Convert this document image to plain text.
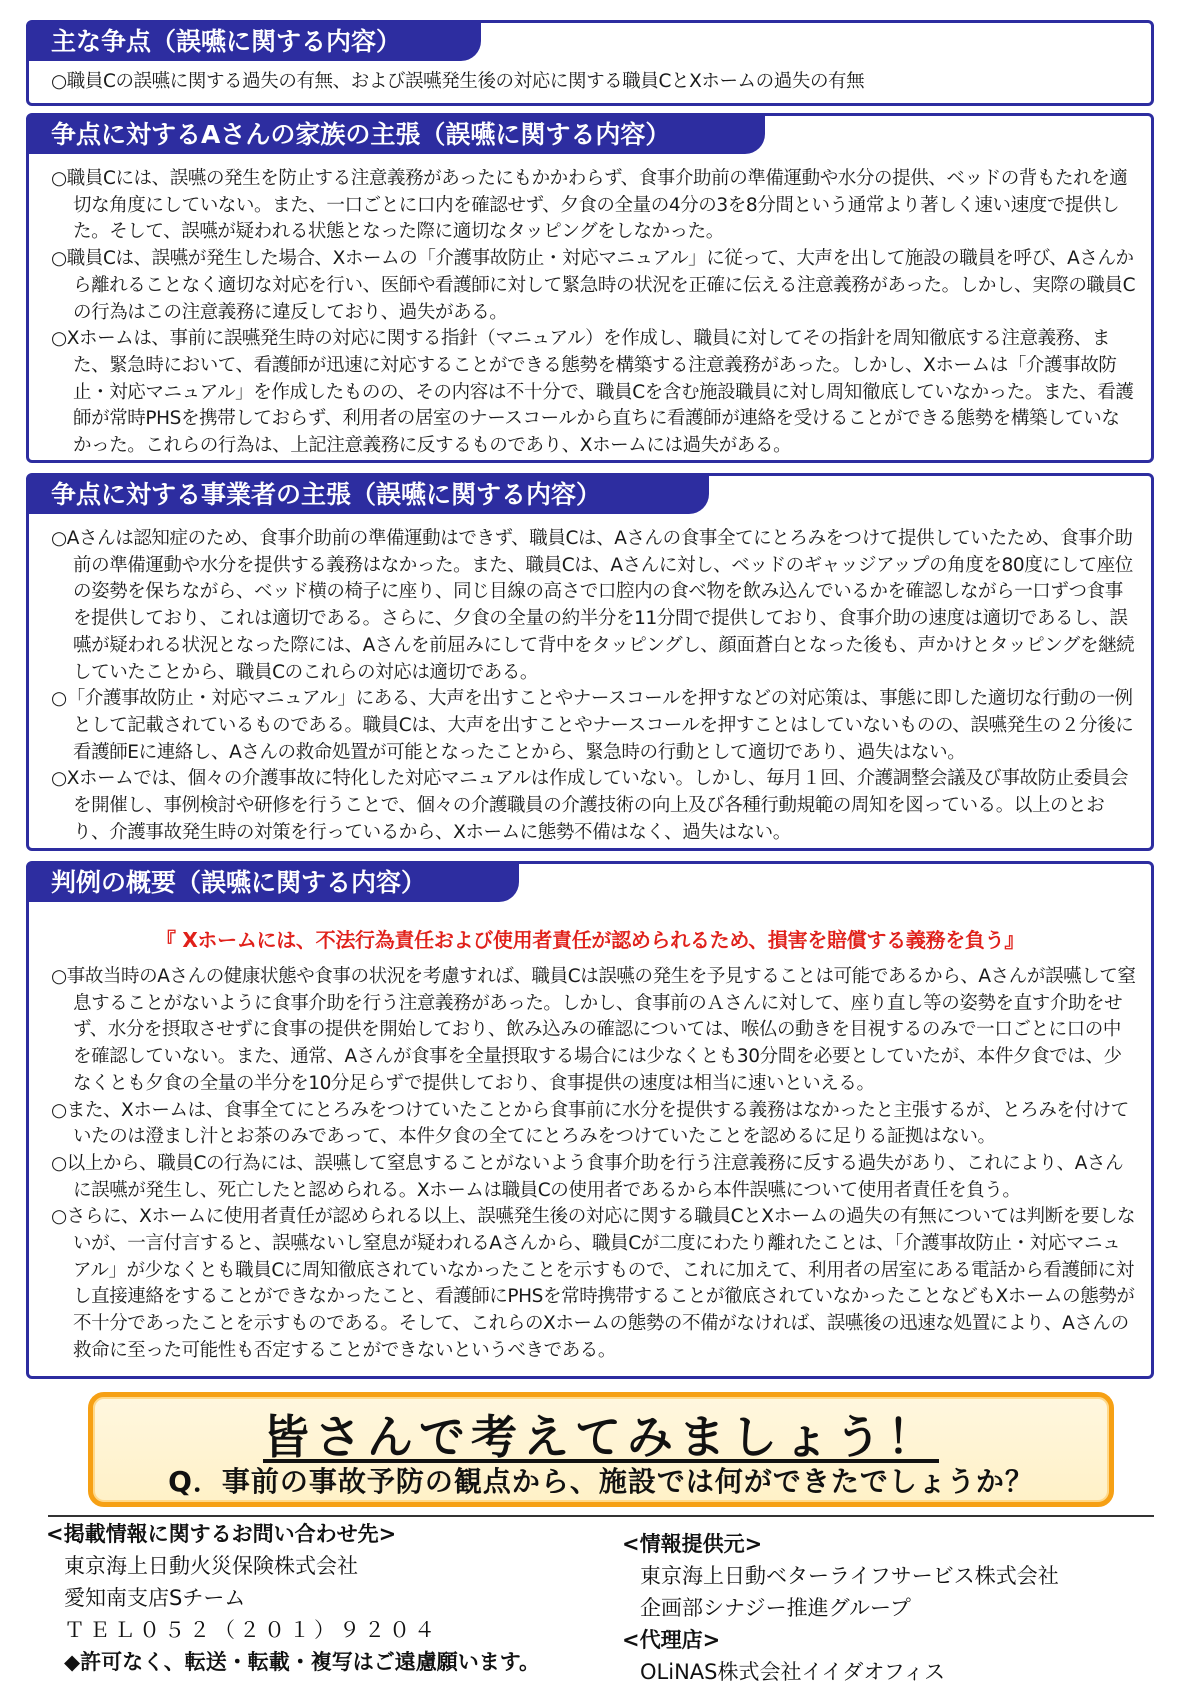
主な争点（誤嚥に関する内容）

○職員Cの誤嚥に関する過失の有無、および誤嚥発生後の対応に関する職員CとXホームの過失の有無

争点に対するAさんの家族の主張（誤嚥に関する内容）

○職員Cには、誤嚥の発生を防止する注意義務があったにもかかわらず、食事介助前の準備運動や水分の提供、ベッドの背もたれを適切な角度にしていない。また、一口ごとに口内を確認せず、夕食の全量の4分の3を8分間という通常より著しく速い速度で提供した。そして、誤嚥が疑われる状態となった際に適切なタッピングをしなかった。

○職員Cは、誤嚥が発生した場合、Xホームの「介護事故防止・対応マニュアル」に従って、大声を出して施設の職員を呼び、Aさんから離れることなく適切な対応を行い、医師や看護師に対して緊急時の状況を正確に伝える注意義務があった。しかし、実際の職員Cの行為はこの注意義務に違反しており、過失がある。

○Xホームは、事前に誤嚥発生時の対応に関する指針（マニュアル）を作成し、職員に対してその指針を周知徹底する注意義務、また、緊急時において、看護師が迅速に対応することができる態勢を構築する注意義務があった。しかし、Xホームは「介護事故防止・対応マニュアル」を作成したものの、その内容は不十分で、職員Cを含む施設職員に対し周知徹底していなかった。また、看護師が常時PHSを携帯しておらず、利用者の居室のナースコールから直ちに看護師が連絡を受けることができる態勢を構築していなかった。これらの行為は、上記注意義務に反するものであり、Xホームには過失がある。

争点に対する事業者の主張（誤嚥に関する内容）

○Aさんは認知症のため、食事介助前の準備運動はできず、職員Cは、Aさんの食事全てにとろみをつけて提供していたため、食事介助前の準備運動や水分を提供する義務はなかった。また、職員Cは、Aさんに対し、ベッドのギャッジアップの角度を80度にして座位の姿勢を保ちながら、ベッド横の椅子に座り、同じ目線の高さで口腔内の食べ物を飲み込んでいるかを確認しながら一口ずつ食事を提供しており、これは適切である。さらに、夕食の全量の約半分を11分間で提供しており、食事介助の速度は適切であるし、誤嚥が疑われる状況となった際には、Aさんを前屈みにして背中をタッピングし、顔面蒼白となった後も、声かけとタッピングを継続していたことから、職員Cのこれらの対応は適切である。

○「介護事故防止・対応マニュアル」にある、大声を出すことやナースコールを押すなどの対応策は、事態に即した適切な行動の一例として記載されているものである。職員Cは、大声を出すことやナースコールを押すことはしていないものの、誤嚥発生の２分後に看護師Eに連絡し、Aさんの救命処置が可能となったことから、緊急時の行動として適切であり、過失はない。

○Xホームでは、個々の介護事故に特化した対応マニュアルは作成していない。しかし、毎月１回、介護調整会議及び事故防止委員会を開催し、事例検討や研修を行うことで、個々の介護職員の介護技術の向上及び各種行動規範の周知を図っている。以上のとおり、介護事故発生時の対策を行っているから、Xホームに態勢不備はなく、過失はない。

判例の概要（誤嚥に関する内容）
『 Xホームには、不法行為責任および使用者責任が認められるため、損害を賠償する義務を負う』

○事故当時のAさんの健康状態や食事の状況を考慮すれば、職員Cは誤嚥の発生を予見することは可能であるから、Aさんが誤嚥して窒息することがないように食事介助を行う注意義務があった。しかし、食事前のＡさんに対して、座り直し等の姿勢を直す介助をせず、水分を摂取させずに食事の提供を開始しており、飲み込みの確認については、喉仏の動きを目視するのみで一口ごとに口の中を確認していない。また、通常、Aさんが食事を全量摂取する場合には少なくとも30分間を必要としていたが、本件夕食では、少なくとも夕食の全量の半分を10分足らずで提供しており、食事提供の速度は相当に速いといえる。

○また、Xホームは、食事全てにとろみをつけていたことから食事前に水分を提供する義務はなかったと主張するが、とろみを付けていたのは澄まし汁とお茶のみであって、本件夕食の全てにとろみをつけていたことを認めるに足りる証拠はない。

○以上から、職員Cの行為には、誤嚥して窒息することがないよう食事介助を行う注意義務に反する過失があり、これにより、Aさんに誤嚥が発生し、死亡したと認められる。Xホームは職員Cの使用者であるから本件誤嚥について使用者責任を負う。

○さらに、Xホームに使用者責任が認められる以上、誤嚥発生後の対応に関する職員CとXホームの過失の有無については判断を要しないが、一言付言すると、誤嚥ないし窒息が疑われるAさんから、職員Cが二度にわたり離れたことは、「介護事故防止・対応マニュアル」が少なくとも職員Cに周知徹底されていなかったことを示すもので、これに加えて、利用者の居室にある電話から看護師に対し直接連絡をすることができなかったこと、看護師にPHSを常時携帯することが徹底されていなかったことなどもXホームの態勢が不十分であったことを示すものである。そして、これらのXホームの態勢の不備がなければ、誤嚥後の迅速な処置により、Aさんの救命に至った可能性も否定することができないというべきである。

皆さんで考えてみましょう！
Q．事前の事故予防の観点から、施設では何ができたでしょうか？
<掲載情報に関するお問い合わせ先>
東京海上日動火災保険株式会社
愛知南支店Sチーム
ＴＥＬ０５２（２０１）９２０４
◆許可なく、転送・転載・複写はご遠慮願います。
<情報提供元>
東京海上日動ベターライフサービス株式会社
企画部シナジー推進グループ
<代理店>
OLiNAS株式会社イイダオフィス
